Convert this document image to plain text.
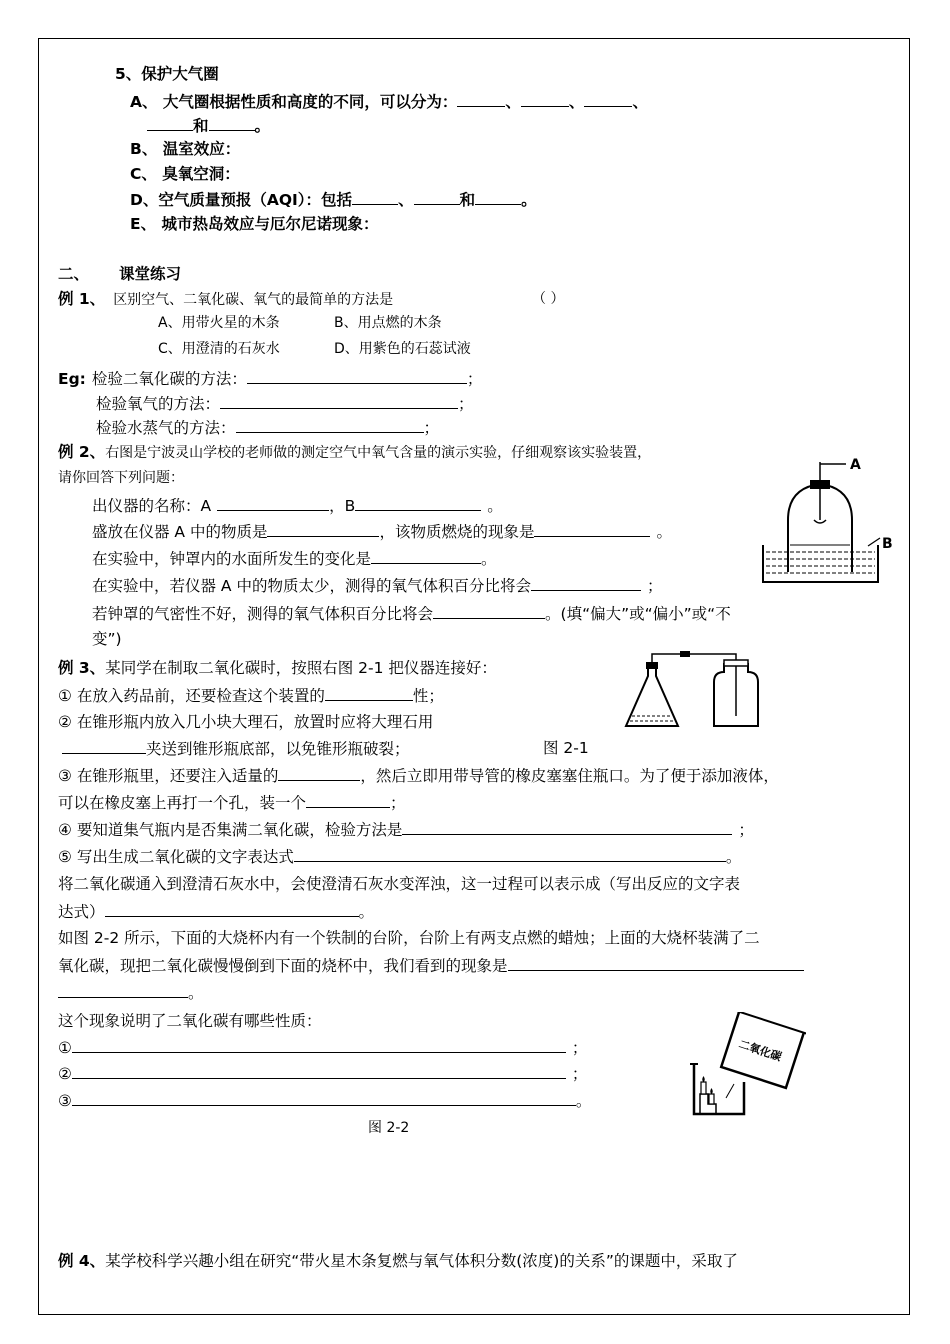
5、保护大气圈
A、 大气圈根据性质和高度的不同，可以分为：	、	、	、
和	。
B、 温室效应：
C、 臭氧空洞：
D、空气质量预报（AQI）：包括	、	和	。
E、 城市热岛效应与厄尔尼诺现象：
二、 课堂练习
例 1、 区别空气、二氧化碳、氧气的最简单的方法是	（ ）
A、用带火星的木条	B、用点燃的木条
C、用澄清的石灰水	D、用紫色的石蕊试液
Eg: 检验二氧化碳的方法：	；
检验氧气的方法：	；
检验水蒸气的方法：	；
例 2、右图是宁波灵山学校的老师做的测定空气中氧气含量的演示实验，仔细观察该实验装置，
请你回答下列问题：
出仪器的名称：A	，B	。
盛放在仪器 A 中的物质是	，该物质燃烧的现象是	。
在实验中，钟罩内的水面所发生的变化是	。
在实验中，若仪器 A 中的物质太少，测得的氧气体积百分比将会	；
若钟罩的气密性不好，测得的氧气体积百分比将会	。(填“偏大”或“偏小”或“不
变”)
A
B
例 3、某同学在制取二氧化碳时，按照右图 2-1 把仪器连接好：
① 在放入药品前，还要检查这个装置的	性；
② 在锥形瓶内放入几小块大理石，放置时应将大理石用
夹送到锥形瓶底部，以免锥形瓶破裂；	图 2-1
③ 在锥形瓶里，还要注入适量的	，然后立即用带导管的橡皮塞塞住瓶口。为了便于添加液体，
可以在橡皮塞上再打一个孔，装一个	；
④ 要知道集气瓶内是否集满二氧化碳，检验方法是	；
⑤ 写出生成二氧化碳的文字表达式	。
将二氧化碳通入到澄清石灰水中，会使澄清石灰水变浑浊，这一过程可以表示成（写出反应的文字表
达式）	。
如图 2-2 所示，下面的大烧杯内有一个铁制的台阶，台阶上有两支点燃的蜡烛；上面的大烧杯装满了二
氧化碳，现把二氧化碳慢慢倒到下面的烧杯中，我们看到的现象是
。
这个现象说明了二氧化碳有哪些性质：
①	；
②	；
③	。
图 2-2
二氧化碳
例 4、某学校科学兴趣小组在研究“带火星木条复燃与氧气体积分数(浓度)的关系”的课题中，采取了
